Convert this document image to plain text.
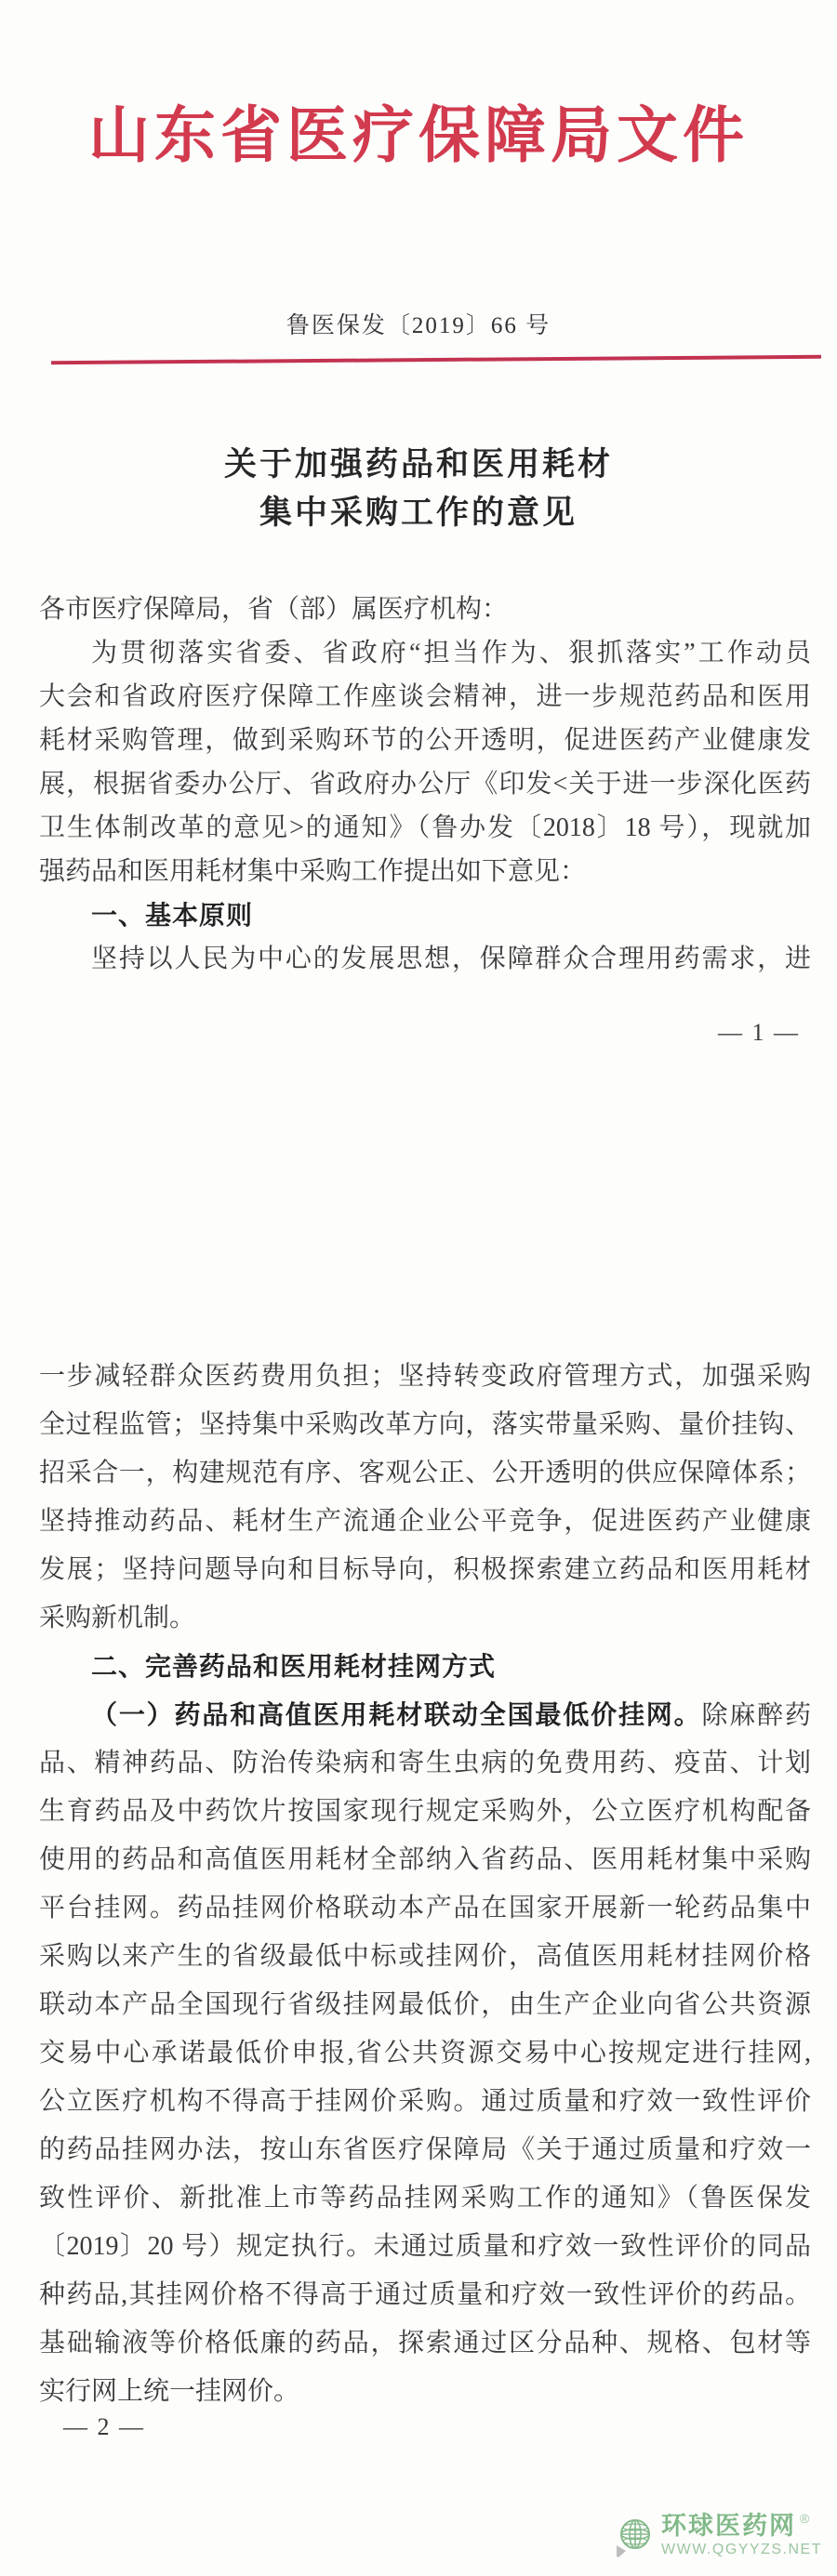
山东省医疗保障局文件
鲁医保发〔2019〕66 号
关于加强药品和医用耗材
集中采购工作的意见
各市医疗保障局，省（部）属医疗机构：
为贯彻落实省委、省政府“担当作为、狠抓落实”工作动员
大会和省政府医疗保障工作座谈会精神，进一步规范药品和医用
耗材采购管理，做到采购环节的公开透明，促进医药产业健康发
展，根据省委办公厅、省政府办公厅《印发<关于进一步深化医药
卫生体制改革的意见>的通知》（鲁办发〔2018〕18 号），现就加
强药品和医用耗材集中采购工作提出如下意见：
一、基本原则
坚持以人民为中心的发展思想，保障群众合理用药需求，进
— 1 —
一步减轻群众医药费用负担；坚持转变政府管理方式，加强采购
全过程监管；坚持集中采购改革方向，落实带量采购、量价挂钩、
招采合一，构建规范有序、客观公正、公开透明的供应保障体系；
坚持推动药品、耗材生产流通企业公平竞争，促进医药产业健康
发展；坚持问题导向和目标导向，积极探索建立药品和医用耗材
采购新机制。
二、完善药品和医用耗材挂网方式
（一）药品和高值医用耗材联动全国最低价挂网。除麻醉药
品、精神药品、防治传染病和寄生虫病的免费用药、疫苗、计划
生育药品及中药饮片按国家现行规定采购外，公立医疗机构配备
使用的药品和高值医用耗材全部纳入省药品、医用耗材集中采购
平台挂网。药品挂网价格联动本产品在国家开展新一轮药品集中
采购以来产生的省级最低中标或挂网价，高值医用耗材挂网价格
联动本产品全国现行省级挂网最低价，由生产企业向省公共资源
交易中心承诺最低价申报,省公共资源交易中心按规定进行挂网,
公立医疗机构不得高于挂网价采购。通过质量和疗效一致性评价
的药品挂网办法，按山东省医疗保障局《关于通过质量和疗效一
致性评价、新批准上市等药品挂网采购工作的通知》（鲁医保发
〔2019〕20 号）规定执行。未通过质量和疗效一致性评价的同品
种药品,其挂网价格不得高于通过质量和疗效一致性评价的药品。
基础输液等价格低廉的药品，探索通过区分品种、规格、包材等
实行网上统一挂网价。
— 2 —
环球医药网 ®
WWW.QGYYZS.NET
